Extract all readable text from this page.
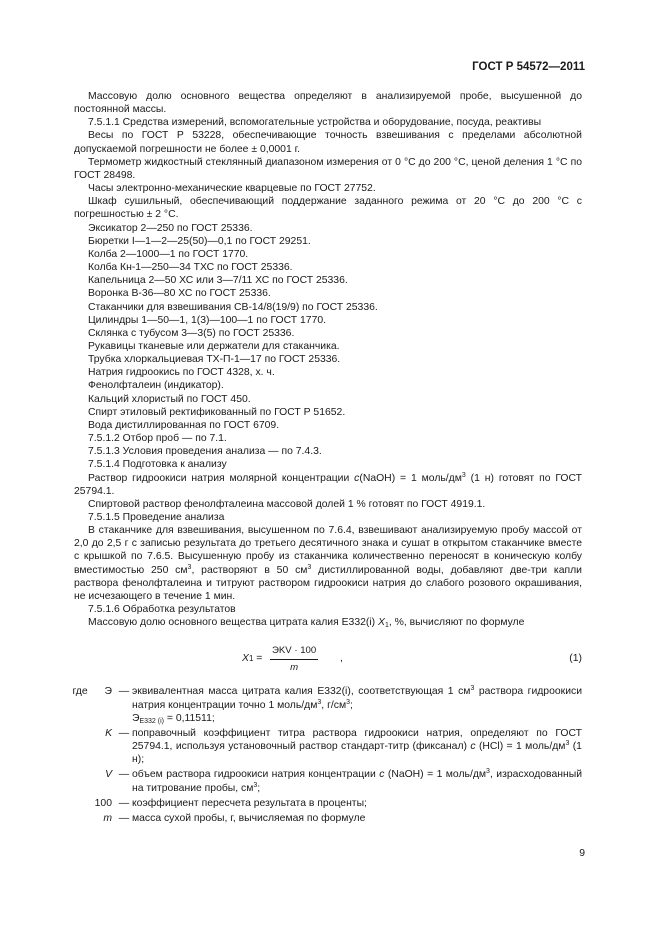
ГОСТ Р 54572—2011

Массовую долю основного вещества определяют в анализируемой пробе, высушенной до постоянной массы.

7.5.1.1 Средства измерений, вспомогательные устройства и оборудование, посуда, реактивы

Весы по ГОСТ Р 53228, обеспечивающие точность взвешивания с пределами абсолютной допускаемой погрешности не более ± 0,0001 г.

Термометр жидкостный стеклянный диапазоном измерения от 0 °С до 200 °С, ценой деления 1 °С по ГОСТ 28498.

Часы электронно-механические кварцевые по ГОСТ 27752.

Шкаф сушильный, обеспечивающий поддержание заданного режима от 20 °С до 200 °С с погрешностью ± 2 °С.

Эксикатор 2—250 по ГОСТ 25336.

Бюретки I—1—2—25(50)—0,1 по ГОСТ 29251.

Колба 2—1000—1 по ГОСТ 1770.

Колба Кн-1—250—34 ТХС по ГОСТ 25336.

Капельница 2—50 ХС или 3—7/11 ХС по ГОСТ 25336.

Воронка В-36—80 ХС по ГОСТ 25336.

Стаканчики для взвешивания СВ-14/8(19/9) по ГОСТ 25336.

Цилиндры 1—50—1, 1(3)—100—1 по ГОСТ 1770.

Склянка с тубусом 3—3(5) по ГОСТ 25336.

Рукавицы тканевые или держатели для стаканчика.

Трубка хлоркальциевая ТХ-П-1—17 по ГОСТ 25336.

Натрия гидроокись по ГОСТ 4328, х. ч.

Фенолфталеин (индикатор).

Кальций хлористый по ГОСТ 450.

Спирт этиловый ректификованный по ГОСТ Р 51652.

Вода дистиллированная по ГОСТ 6709.

7.5.1.2 Отбор проб — по 7.1.

7.5.1.3 Условия проведения анализа — по 7.4.3.

7.5.1.4 Подготовка к анализу

Раствор гидроокиси натрия молярной концентрации c(NaOH) = 1 моль/$дм^3$ (1 н) готовят по ГОСТ 25794.1.

Спиртовой раствор фенолфталеина массовой долей 1 % готовят по ГОСТ 4919.1.

7.5.1.5 Проведение анализа

В стаканчике для взвешивания, высушенном по 7.6.4, взвешивают анализируемую пробу массой от 2,0 до 2,5 г с записью результата до третьего десятичного знака и сушат в открытом стаканчике вместе с крышкой по 7.6.5. Высушенную пробу из стаканчика количественно переносят в коническую колбу вместимостью 250 $см^3$, растворяют в 50 $см^3$ дистиллированной воды, добавляют две-три капли раствора фенолфталеина и титруют раствором гидроокиси натрия до слабого розового окрашивания, не исчезающего в течение 1 мин.

7.5.1.6 Обработка результатов

Массовую долю основного вещества цитрата калия Е332(i) X1, %, вычисляют по формуле

X1 =
ЭKV · 100
m
,	(1)
где Э — эквивалентная масса цитрата калия Е332(i), соответствующая 1 $см^3$ раствора гидроокиси натрия концентрации точно 1 моль/$дм^3$, $г/см^3$;
ЭЕ332 (i) = 0,11511;
K — поправочный коэффициент титра раствора гидроокиси натрия, определяют по ГОСТ 25794.1, используя установочный раствор стандарт-титр (фиксанал) c (HCl) = 1 моль/$дм^3$ (1 н);
V — объем раствора гидроокиси натрия концентрации c (NaOH) = 1 моль/$дм^3$, израсходованный на титрование пробы, $см^3$;
100 — коэффициент пересчета результата в проценты;
m — масса сухой пробы, г, вычисляемая по формуле
9
